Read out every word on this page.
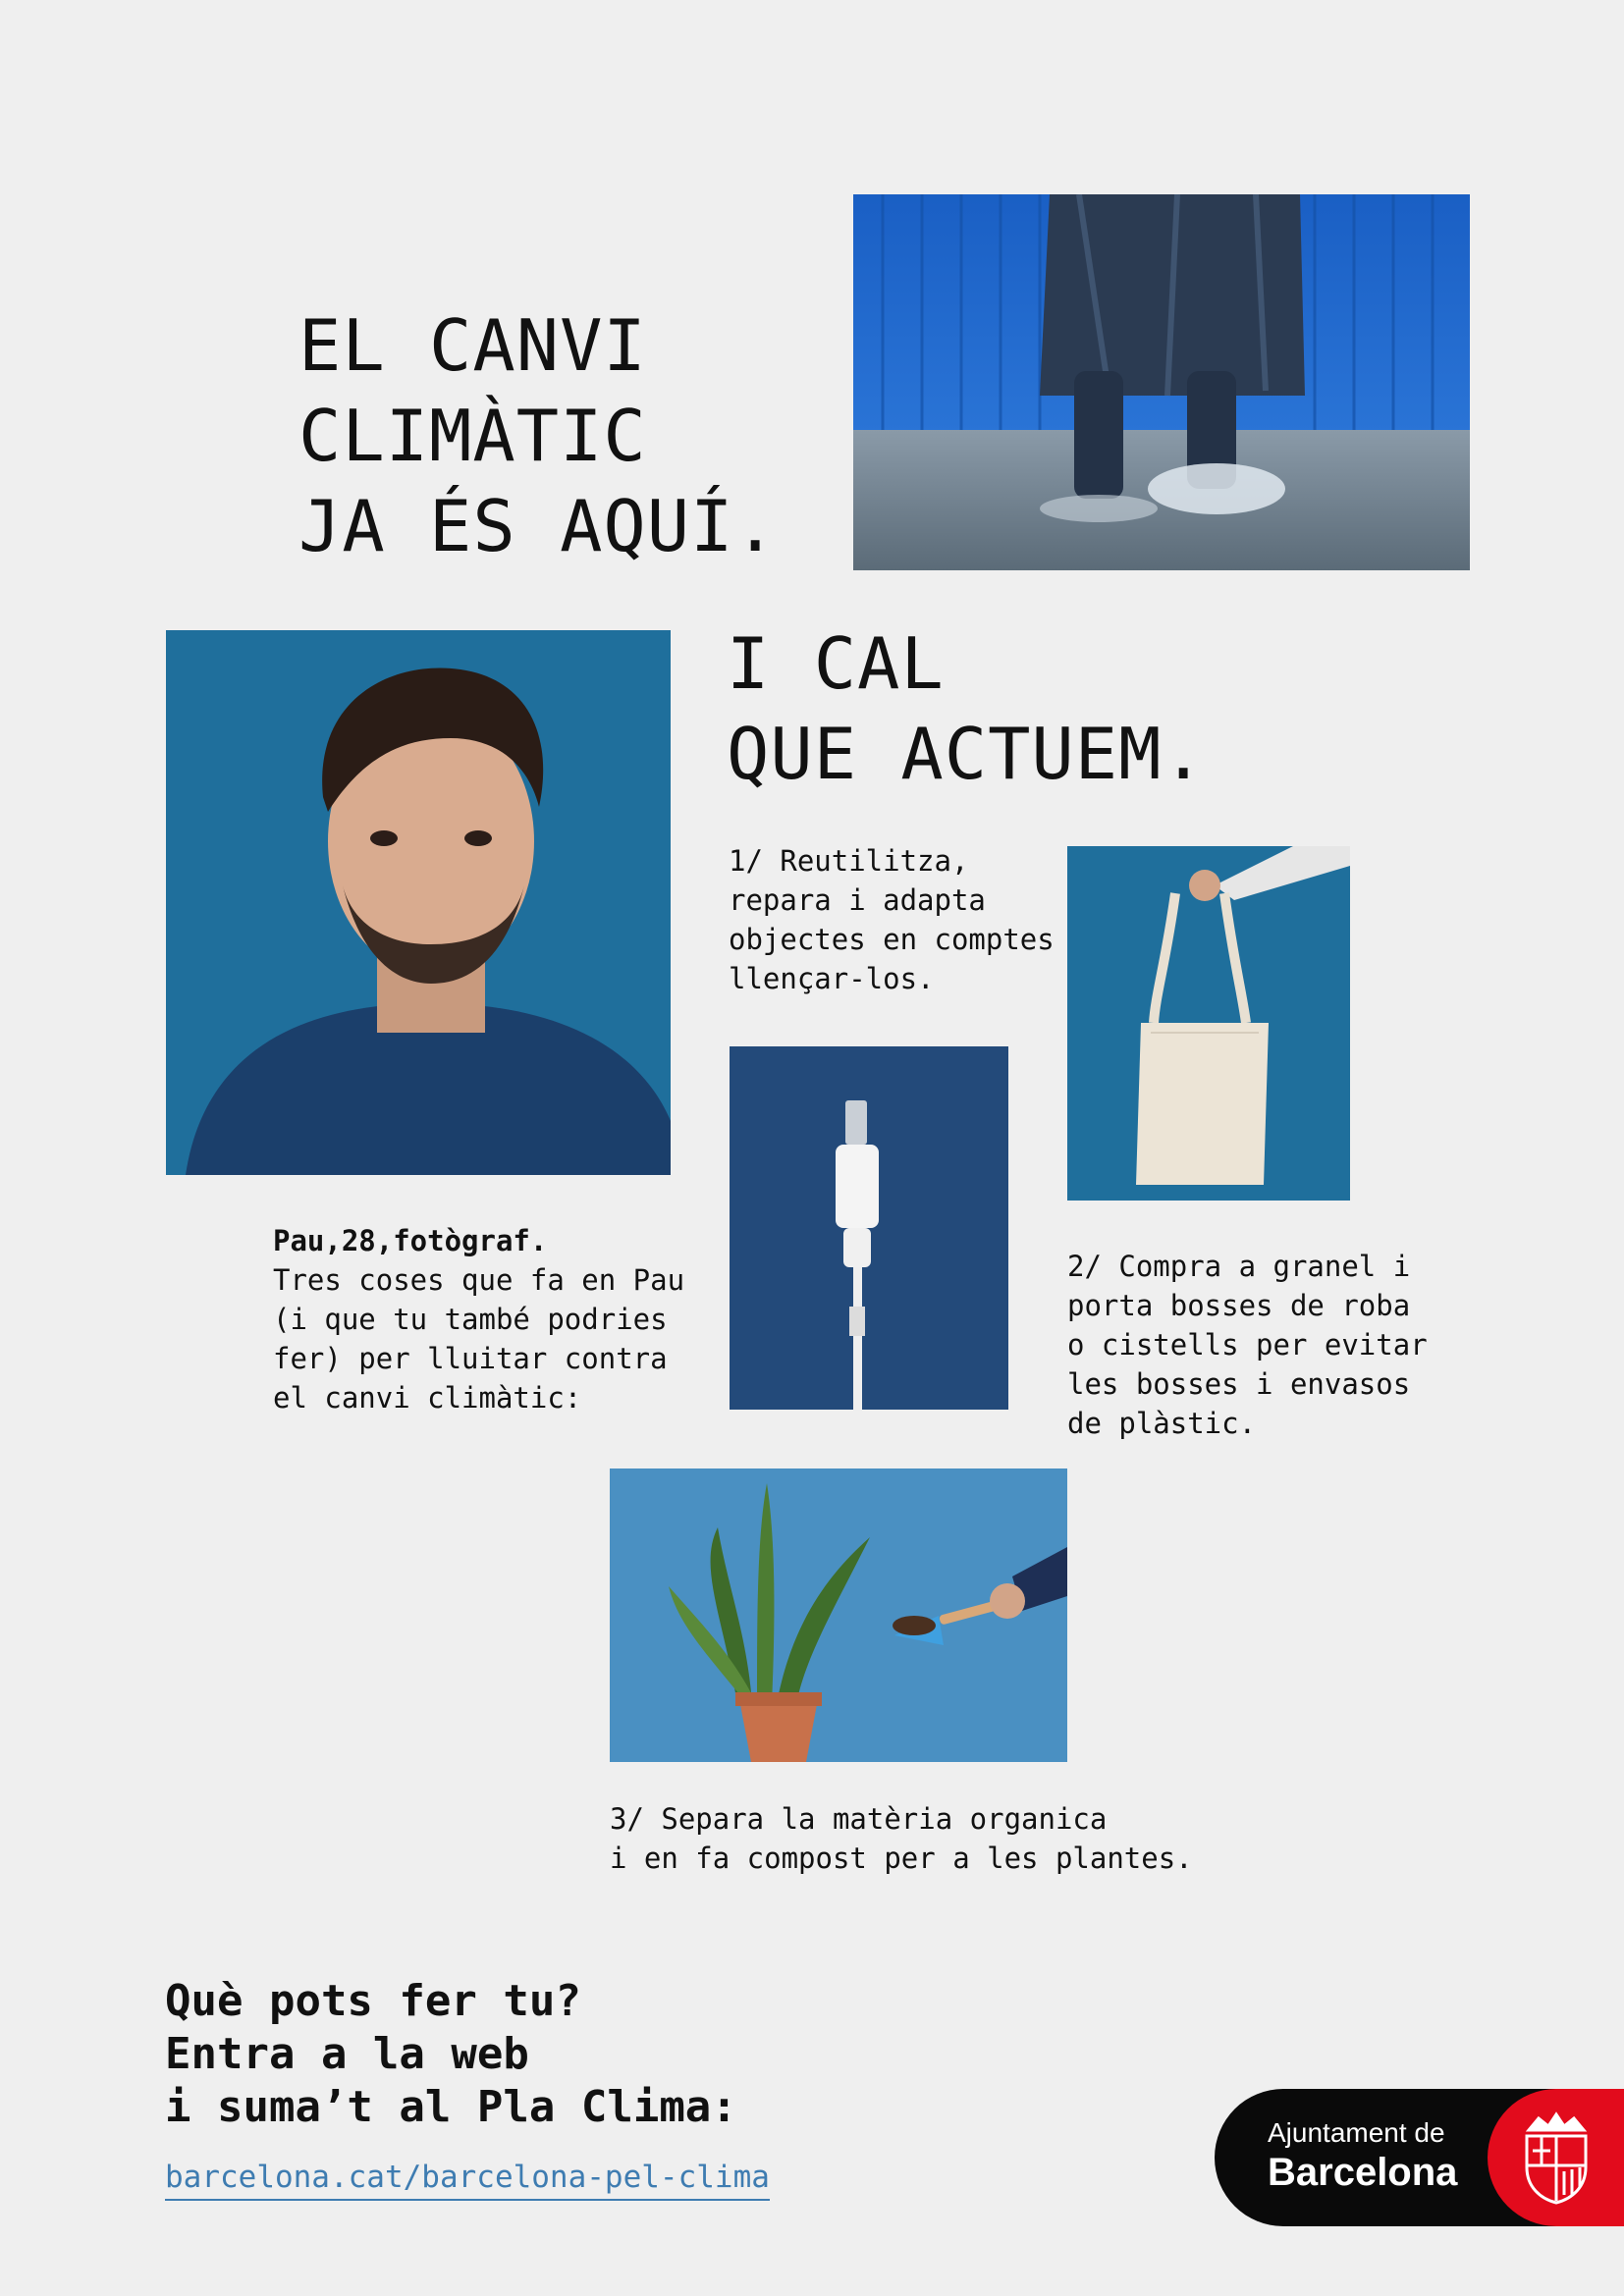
EL CANVI
CLIMÀTIC
JA ÉS AQUÍ.
I CAL
QUE ACTUEM.

1/ Reutilitza,
repara i adapta
objectes en comptes
llençar-los.

Pau,28,fotògraf.
Tres coses que fa en Pau
(i que tu també podries
fer) per lluitar contra
el canvi climàtic:

2/ Compra a granel i
porta bosses de roba
o cistells per evitar
les bosses i envasos
de plàstic.

3/ Separa la matèria organica
i en fa compost per a les plantes.

Què pots fer tu?
Entra a la web
i suma’t al Pla Clima:

barcelona.cat/barcelona-pel-clima
Ajuntament de
Barcelona
